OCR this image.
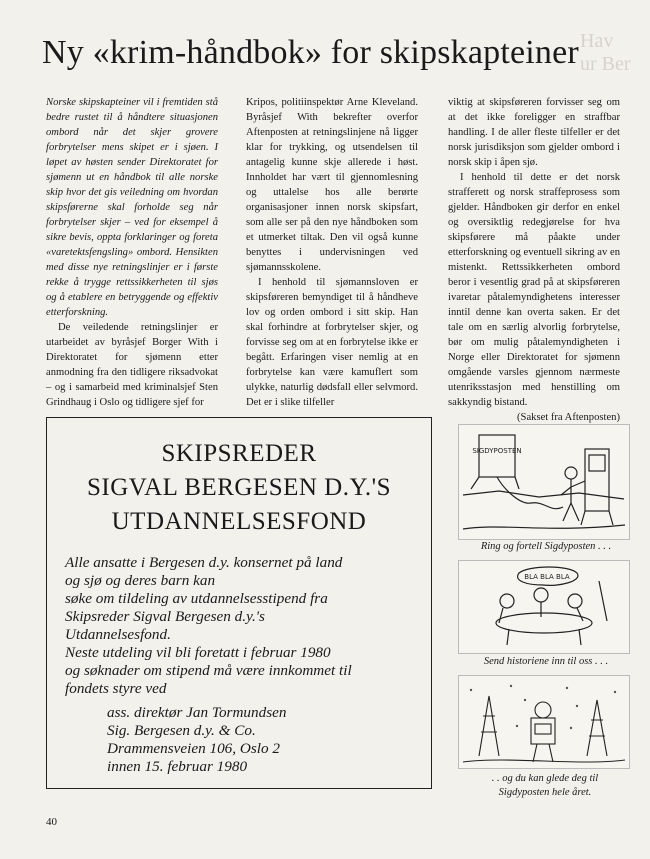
Hav
ur Ber
Ny «krim-håndbok» for skipskapteiner

Norske skipskapteiner vil i fremtiden stå bedre rustet til å håndtere situasjonen ombord når det skjer grovere forbrytelser mens skipet er i sjøen. I løpet av høsten sender Direktoratet for sjømenn ut en håndbok til alle norske skip hvor det gis veiledning om hvordan skipsførerne skal forholde seg når forbrytelser skjer – ved for eksempel å sikre bevis, oppta forklaringer og foreta «varetektsfengsling» ombord. Hensikten med disse nye retningslinjer er i første rekke å trygge rettssikkerheten til sjøs og å etablere en betryggende og effektiv etterforskning.

De veiledende retningslinjer er utarbeidet av byråsjef Borger With i Direktoratet for sjømenn etter anmodning fra den tidligere riksadvokat – og i samarbeid med kriminalsjef Sten Grindhaug i Oslo og tidligere sjef for

Kripos, politiinspektør Arne Kleveland. Byråsjef With bekrefter overfor Aftenposten at retningslinjene nå ligger klar for trykking, og utsendelsen til antagelig kunne skje allerede i høst. Innholdet har vært til gjennomlesning og uttalelse hos alle berørte organisasjoner innen norsk skipsfart, som alle ser på den nye håndboken som et utmerket tiltak. Den vil også kunne benyttes i undervisningen ved sjømannsskolene.

I henhold til sjømannsloven er skipsføreren bemyndiget til å håndheve lov og orden ombord i sitt skip. Han skal forhindre at forbrytelser skjer, og forvisse seg om at en forbrytelse ikke er begått. Erfaringen viser nemlig at en forbrytelse kan være kamuflert som ulykke, naturlig dødsfall eller selvmord. Det er i slike tilfeller

viktig at skipsføreren forvisser seg om at det ikke foreligger en straffbar handling. I de aller fleste tilfeller er det norsk jurisdiksjon som gjelder ombord i norsk skip i åpen sjø.

I henhold til dette er det norsk strafferett og norsk straffeprosess som gjelder. Håndboken gir derfor en enkel og oversiktlig redegjørelse for hva skipsførere må påakte under etterforskning og eventuell sikring av en mistenkt. Rettssikkerheten ombord beror i vesentlig grad på at skipsføreren ivaretar påtalemyndighetens interesser inntil denne kan overta saken. Er det tale om en særlig alvorlig forbrytelse, bør om mulig påtalemyndigheten i Norge eller Direktoratet for sjømenn omgående varsles gjennom nærmeste utenriksstasjon med henstilling om sakkyndig bistand.

(Sakset fra Aftenposten)
SKIPSREDER
SIGVAL BERGESEN D.Y.'S
UTDANNELSESFOND
Alle ansatte i Bergesen d.y. konsernet på land
og sjø og deres barn kan
søke om tildeling av utdannelsesstipend fra
Skipsreder Sigval Bergesen d.y.'s
Utdannelsesfond.
Neste utdeling vil bli foretatt i februar 1980
og søknader om stipend må være innkommet til
fondets styre ved
ass. direktør Jan Tormundsen
Sig. Bergesen d.y. & Co.
Drammensveien 106, Oslo 2
innen 15. februar 1980
SIGDYPOSTEN
Ring og fortell Sigdyposten . . .
BLA BLA BLA
Send historiene inn til oss . . .
. . og du kan glede deg til
Sigdyposten hele året.
40
